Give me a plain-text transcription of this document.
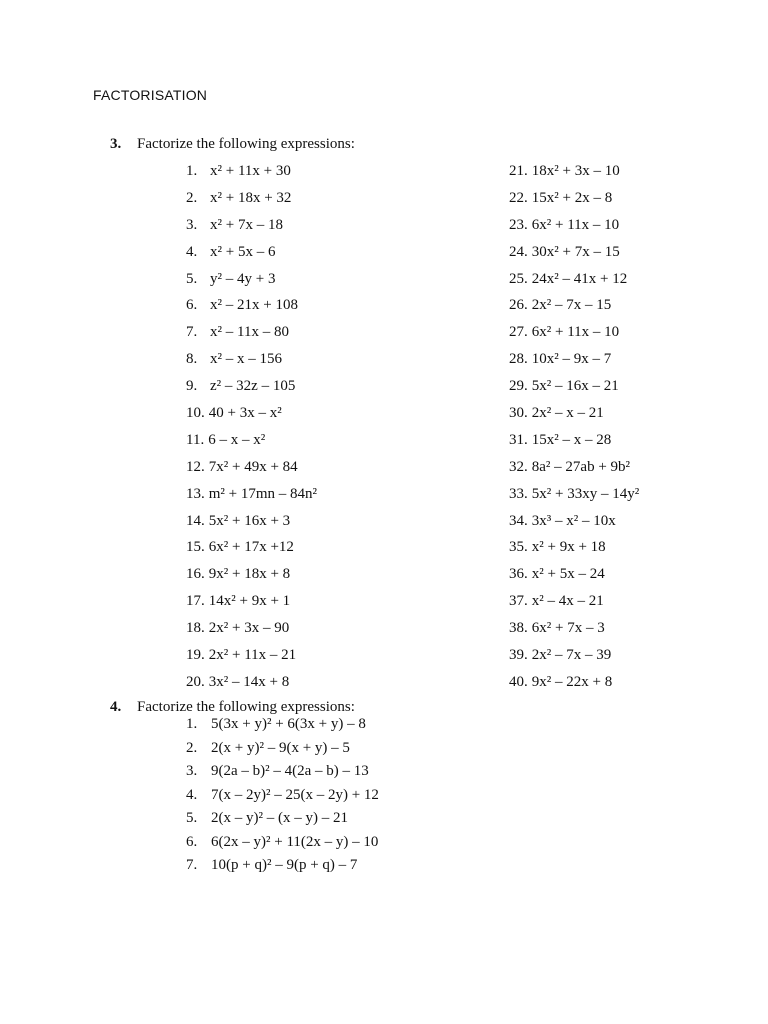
FACTORISATION
3. Factorize the following expressions:
1. x² + 11x + 30
2. x² + 18x + 32
3. x² + 7x – 18
4. x² + 5x – 6
5. y² – 4y + 3
6. x² – 21x + 108
7. x² – 11x – 80
8. x² – x – 156
9. z² – 32z – 105
10. 40 + 3x – x²
11. 6 – x – x²
12. 7x² + 49x + 84
13. m² + 17mn – 84n²
14. 5x² + 16x + 3
15. 6x² + 17x +12
16. 9x² + 18x + 8
17. 14x² + 9x + 1
18. 2x² + 3x – 90
19. 2x² + 11x – 21
20. 3x² – 14x + 8
21. 18x² + 3x – 10
22. 15x² + 2x – 8
23. 6x² + 11x – 10
24. 30x² + 7x – 15
25. 24x² – 41x + 12
26. 2x² – 7x – 15
27. 6x² + 11x – 10
28. 10x² – 9x – 7
29. 5x² – 16x – 21
30. 2x² – x – 21
31. 15x² – x – 28
32. 8a² – 27ab + 9b²
33. 5x² + 33xy – 14y²
34. 3x³ – x² – 10x
35. x² + 9x + 18
36. x² + 5x – 24
37. x² – 4x – 21
38. 6x² + 7x – 3
39. 2x² – 7x – 39
40. 9x² – 22x + 8
4. Factorize the following expressions:
1. 5(3x + y)² + 6(3x + y) – 8
2. 2(x + y)² – 9(x + y) – 5
3. 9(2a – b)² – 4(2a – b) – 13
4. 7(x – 2y)² – 25(x – 2y) + 12
5. 2(x – y)² – (x – y) – 21
6. 6(2x – y)² + 11(2x – y) – 10
7. 10(p + q)² – 9(p + q) – 7
